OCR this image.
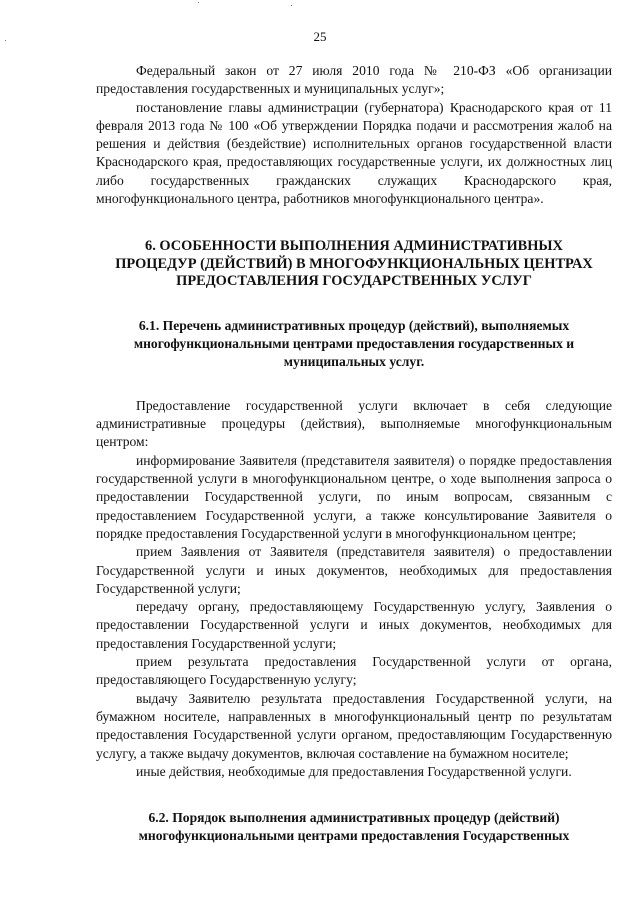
25

Федеральный закон от 27 июля 2010 года № 210-ФЗ «Об организации предоставления государственных и муниципальных услуг»;

постановление главы администрации (губернатора) Краснодарского края от 11 февраля 2013 года № 100 «Об утверждении Порядка подачи и рассмотрения жалоб на решения и действия (бездействие) исполнительных органов государственной власти Краснодарского края, предоставляющих государственные услуги, их должностных лиц либо государственных гражданских служащих Краснодарского края, многофункционального центра, работников многофункционального центра».

6. ОСОБЕННОСТИ ВЫПОЛНЕНИЯ АДМИНИСТРАТИВНЫХ
ПРОЦЕДУР (ДЕЙСТВИЙ) В МНОГОФУНКЦИОНАЛЬНЫХ ЦЕНТРАХ
ПРЕДОСТАВЛЕНИЯ ГОСУДАРСТВЕННЫХ УСЛУГ
6.1. Перечень административных процедур (действий), выполняемых
многофункциональными центрами предоставления государственных и
муниципальных услуг.

Предоставление государственной услуги включает в себя следующие административные процедуры (действия), выполняемые многофункциональным центром:

информирование Заявителя (представителя заявителя) о порядке предоставления государственной услуги в многофункциональном центре, о ходе выполнения запроса о предоставлении Государственной услуги, по иным вопросам, связанным с предоставлением Государственной услуги, а также консультирование Заявителя о порядке предоставления Государственной услуги в многофункциональном центре;

прием Заявления от Заявителя (представителя заявителя) о предоставлении Государственной услуги и иных документов, необходимых для предоставления Государственной услуги;

передачу органу, предоставляющему Государственную услугу, Заявления о предоставлении Государственной услуги и иных документов, необходимых для предоставления Государственной услуги;

прием результата предоставления Государственной услуги от органа, предоставляющего Государственную услугу;

выдачу Заявителю результата предоставления Государственной услуги, на бумажном носителе, направленных в многофункциональный центр по результатам предоставления Государственной услуги органом, предоставляющим Государственную услугу, а также выдачу документов, включая составление на бумажном носителе;

иные действия, необходимые для предоставления Государственной услуги.

6.2. Порядок выполнения административных процедур (действий)
многофункциональными центрами предоставления Государственных
